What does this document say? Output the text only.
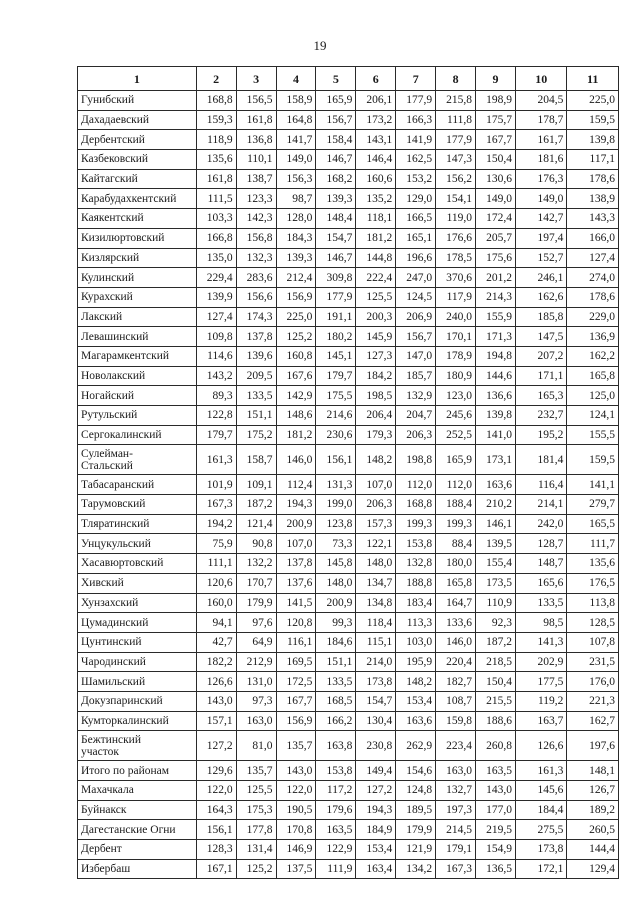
19
1	2	3	4	5	6	7	8	9	10	11
Гунибский	168,8	156,5	158,9	165,9	206,1	177,9	215,8	198,9	204,5	225,0
Дахадаевский	159,3	161,8	164,8	156,7	173,2	166,3	111,8	175,7	178,7	159,5
Дербентский	118,9	136,8	141,7	158,4	143,1	141,9	177,9	167,7	161,7	139,8
Казбековский	135,6	110,1	149,0	146,7	146,4	162,5	147,3	150,4	181,6	117,1
Кайтагский	161,8	138,7	156,3	168,2	160,6	153,2	156,2	130,6	176,3	178,6
Карабудахкентский	111,5	123,3	98,7	139,3	135,2	129,0	154,1	149,0	149,0	138,9
Каякентский	103,3	142,3	128,0	148,4	118,1	166,5	119,0	172,4	142,7	143,3
Кизилюртовский	166,8	156,8	184,3	154,7	181,2	165,1	176,6	205,7	197,4	166,0
Кизлярский	135,0	132,3	139,3	146,7	144,8	196,6	178,5	175,6	152,7	127,4
Кулинский	229,4	283,6	212,4	309,8	222,4	247,0	370,6	201,2	246,1	274,0
Курахский	139,9	156,6	156,9	177,9	125,5	124,5	117,9	214,3	162,6	178,6
Лакский	127,4	174,3	225,0	191,1	200,3	206,9	240,0	155,9	185,8	229,0
Левашинский	109,8	137,8	125,2	180,2	145,9	156,7	170,1	171,3	147,5	136,9
Магарамкентский	114,6	139,6	160,8	145,1	127,3	147,0	178,9	194,8	207,2	162,2
Новолакский	143,2	209,5	167,6	179,7	184,2	185,7	180,9	144,6	171,1	165,8
Ногайский	89,3	133,5	142,9	175,5	198,5	132,9	123,0	136,6	165,3	125,0
Рутульский	122,8	151,1	148,6	214,6	206,4	204,7	245,6	139,8	232,7	124,1
Сергокалинский	179,7	175,2	181,2	230,6	179,3	206,3	252,5	141,0	195,2	155,5

Сулейман-
Стальский	161,3	158,7	146,0	156,1	148,2	198,8	165,9	173,1	181,4	159,5
Табасаранский	101,9	109,1	112,4	131,3	107,0	112,0	112,0	163,6	116,4	141,1
Тарумовский	167,3	187,2	194,3	199,0	206,3	168,8	188,4	210,2	214,1	279,7
Тляратинский	194,2	121,4	200,9	123,8	157,3	199,3	199,3	146,1	242,0	165,5
Унцукульский	75,9	90,8	107,0	73,3	122,1	153,8	88,4	139,5	128,7	111,7
Хасавюртовский	111,1	132,2	137,8	145,8	148,0	132,8	180,0	155,4	148,7	135,6
Хивский	120,6	170,7	137,6	148,0	134,7	188,8	165,8	173,5	165,6	176,5
Хунзахский	160,0	179,9	141,5	200,9	134,8	183,4	164,7	110,9	133,5	113,8
Цумадинский	94,1	97,6	120,8	99,3	118,4	113,3	133,6	92,3	98,5	128,5
Цунтинский	42,7	64,9	116,1	184,6	115,1	103,0	146,0	187,2	141,3	107,8
Чародинский	182,2	212,9	169,5	151,1	214,0	195,9	220,4	218,5	202,9	231,5
Шамильский	126,6	131,0	172,5	133,5	173,8	148,2	182,7	150,4	177,5	176,0
Докузпаринский	143,0	97,3	167,7	168,5	154,7	153,4	108,7	215,5	119,2	221,3
Кумторкалинский	157,1	163,0	156,9	166,2	130,4	163,6	159,8	188,6	163,7	162,7

Бежтинский
участок	127,2	81,0	135,7	163,8	230,8	262,9	223,4	260,8	126,6	197,6
Итого по районам	129,6	135,7	143,0	153,8	149,4	154,6	163,0	163,5	161,3	148,1
Махачкала	122,0	125,5	122,0	117,2	127,2	124,8	132,7	143,0	145,6	126,7
Буйнакск	164,3	175,3	190,5	179,6	194,3	189,5	197,3	177,0	184,4	189,2
Дагестанские Огни	156,1	177,8	170,8	163,5	184,9	179,9	214,5	219,5	275,5	260,5
Дербент	128,3	131,4	146,9	122,9	153,4	121,9	179,1	154,9	173,8	144,4
Избербаш	167,1	125,2	137,5	111,9	163,4	134,2	167,3	136,5	172,1	129,4
